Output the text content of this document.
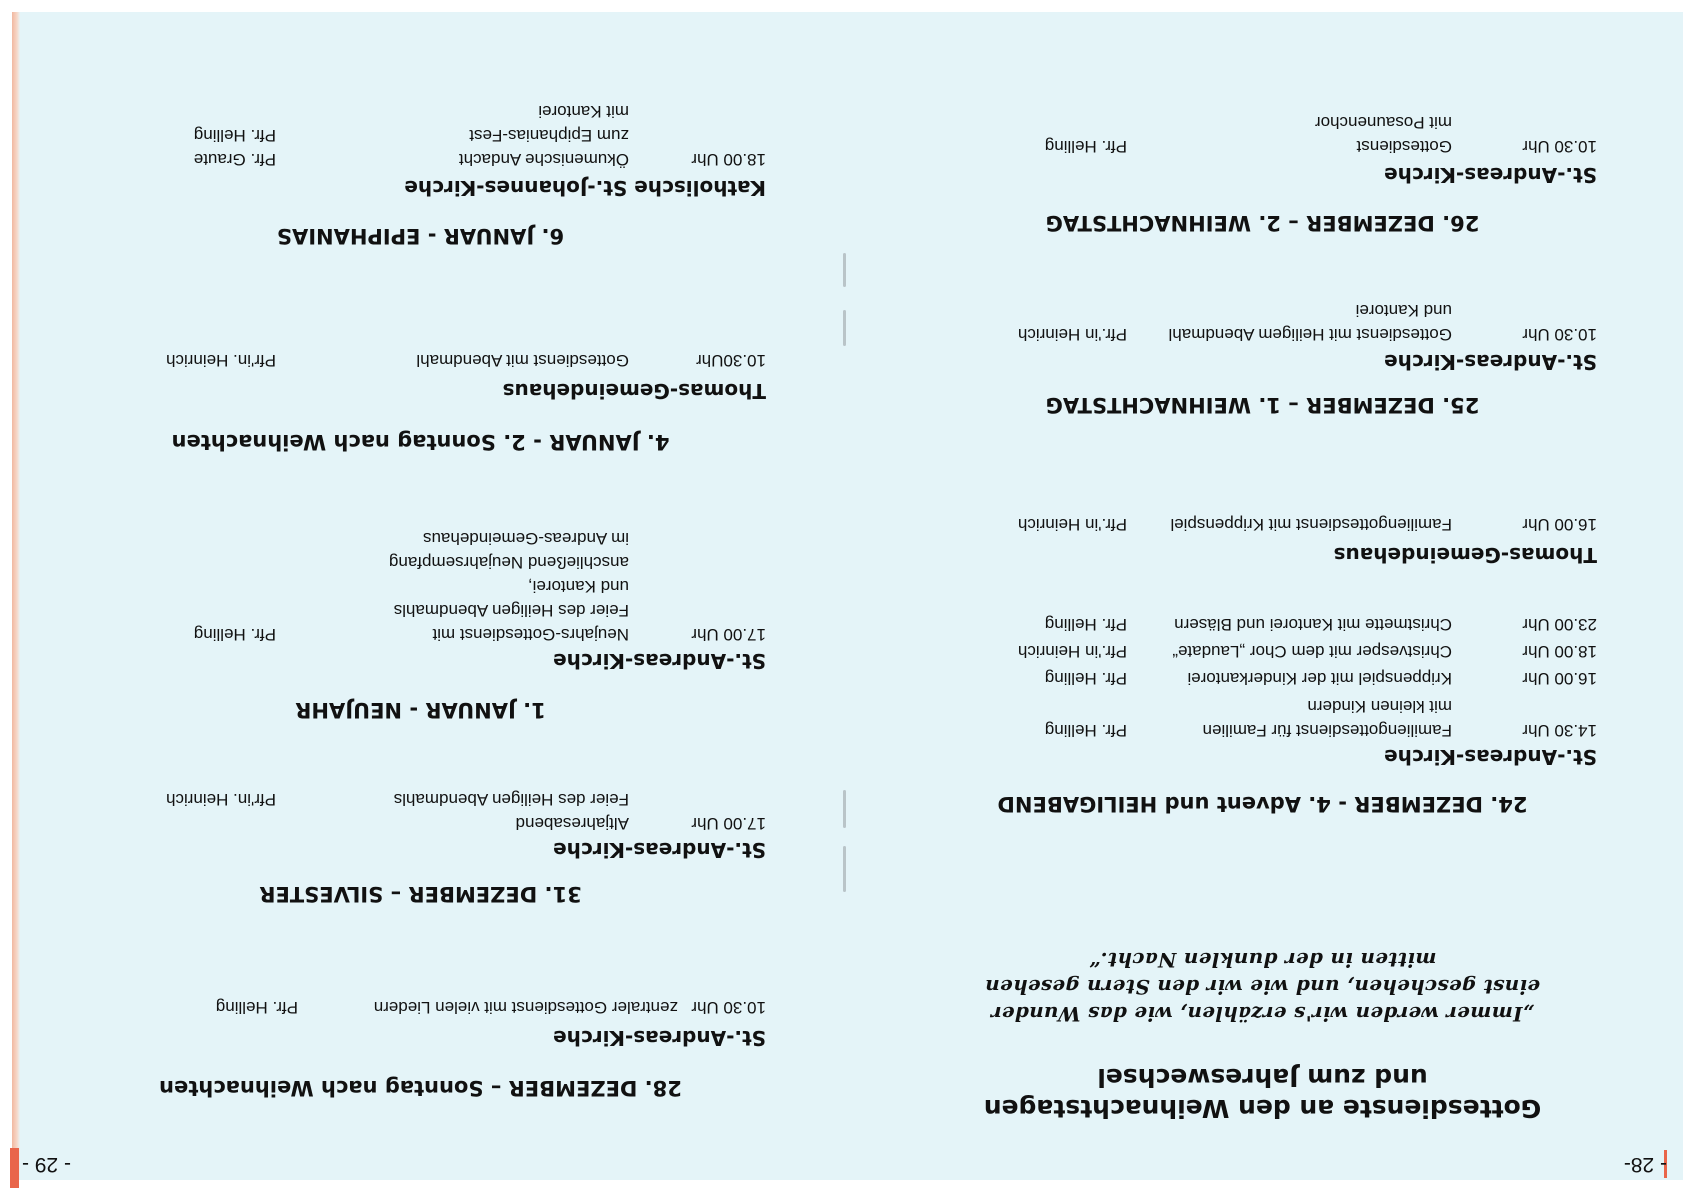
- 28-
Gottesdienste an den Weihnachtstagen
und zum Jahreswechsel
„Immer werden wir's erzählen, wie das Wunder
einst geschehen, und wie wir den Stern gesehen
mitten in der dunklen Nacht.“
24. DEZEMBER - 4. Advent und HEILIGABEND
St.-Andreas-Kirche
14.30 Uhr
Familiengottesdienst für Familien
mit kleinen Kindern
Pfr. Helling
16.00 Uhr
Krippenspiel mit der Kinderkantorei
Pfr. Helling
18.00 Uhr
Christvesper mit dem Chor „Laudate“
Pfr.'in Heinrich
23.00 Uhr
Christmette mit Kantorei und Bläsern
Pfr. Helling
Thomas-Gemeindehaus
16.00 Uhr
Familiengottesdienst mit Krippenspiel
Pfr.'in Heinrich
25. DEZEMBER – 1. WEIHNACHTSTAG
St.-Andreas-Kirche
10.30 Uhr
Gottesdienst mit Heiligem Abendmahl
und Kantorei
Pfr.'in Heinrich
26. DEZEMBER – 2. WEIHNACHTSTAG
St.-Andreas-Kirche
10.30 Uhr
Gottesdienst
mit Posaunenchor
Pfr. Helling
- 29 -
28. DEZEMBER – Sonntag nach Weihnachten
St.-Andreas-Kirche
10.30 Uhr
zentraler Gottesdienst mit vielen Liedern
Pfr. Helling
31. DEZEMBER – SILVESTER
St.-Andreas-Kirche
17.00 Uhr
Altjahresabend
Feier des Heiligen Abendmahls
Pfr'in. Heinrich
1. JANUAR - NEUJAHR
St.-Andreas-Kirche
17.00 Uhr
Neujahrs-Gottesdienst mit
Feier des Heiligen Abendmahls
und Kantorei,
anschließend Neujahrsempfang
im Andreas-Gemeindehaus
Pfr. Helling
4. JANUAR - 2. Sonntag nach Weihnachten
Thomas-Gemeindehaus
10.30Uhr
Gottesdienst mit Abendmahl
Pfr'in. Heinrich
6. JANUAR - EPIPHANIAS
Katholische St.-Johannes-Kirche
18.00 Uhr
Ökumenische Andacht
zum Epiphanias-Fest
mit Kantorei
Pfr. Graute
Pfr. Helling
